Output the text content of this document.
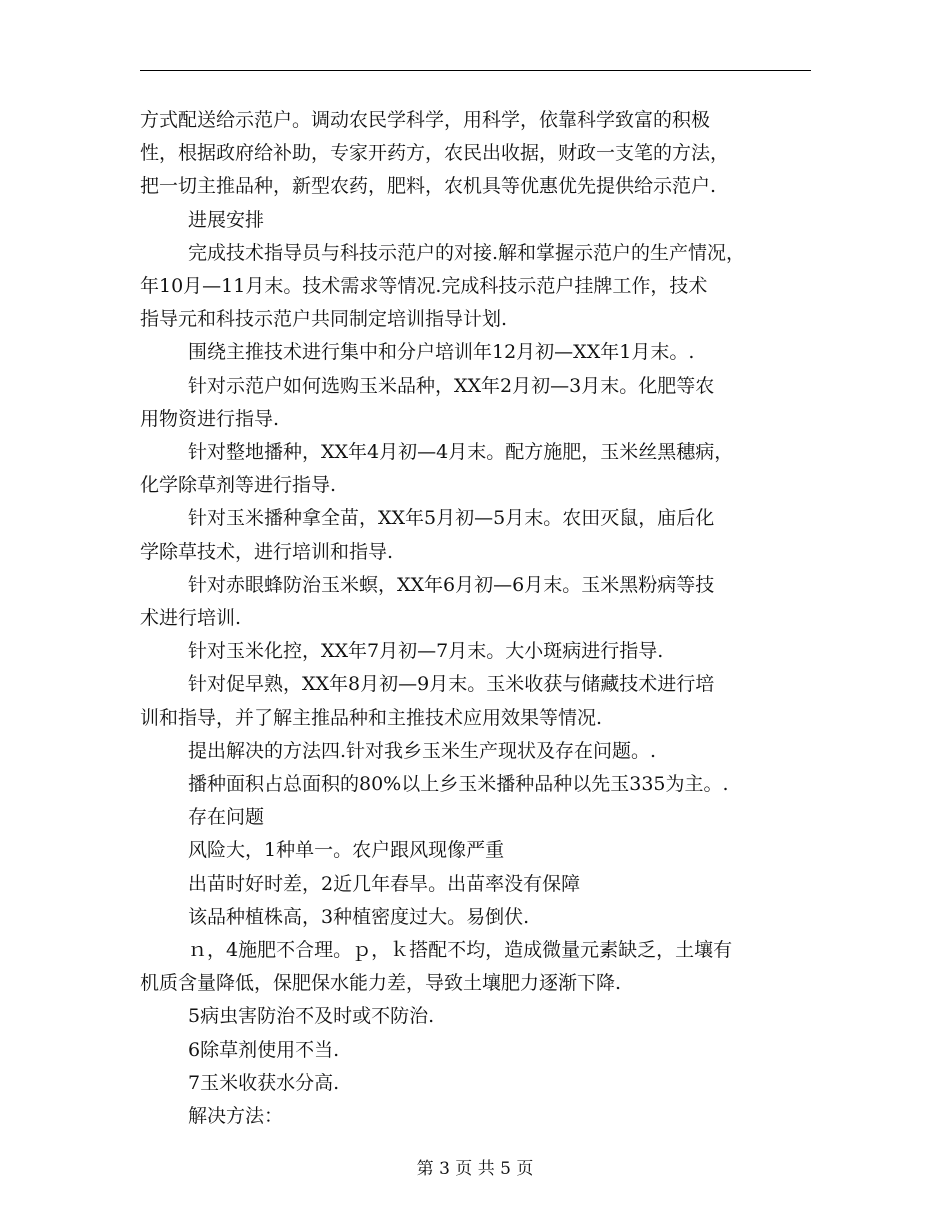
方式配送给示范户。调动农民学科学，用科学，依靠科学致富的积极

性，根据政府给补助，专家开药方，农民出收据，财政一支笔的方法，

把一切主推品种，新型农药，肥料，农机具等优惠优先提供给示范户.

进展安排

完成技术指导员与科技示范户的对接.解和掌握示范户的生产情况，

年10月—11月末。技术需求等情况.完成科技示范户挂牌工作，技术

指导元和科技示范户共同制定培训指导计划.

围绕主推技术进行集中和分户培训年12月初—XX年1月末。.

针对示范户如何选购玉米品种，XX年2月初—3月末。化肥等农

用物资进行指导.

针对整地播种，XX年4月初—4月末。配方施肥，玉米丝黑穗病，

化学除草剂等进行指导.

针对玉米播种拿全苗，XX年5月初—5月末。农田灭鼠，庙后化

学除草技术，进行培训和指导.

针对赤眼蜂防治玉米螟，XX年6月初—6月末。玉米黑粉病等技

术进行培训.

针对玉米化控，XX年7月初—7月末。大小斑病进行指导.

针对促早熟，XX年8月初—9月末。玉米收获与储藏技术进行培

训和指导，并了解主推品种和主推技术应用效果等情况.

提出解决的方法四.针对我乡玉米生产现状及存在问题。.

播种面积占总面积的80%以上乡玉米播种品种以先玉335为主。.

存在问题

风险大，1种单一。农户跟风现像严重

出苗时好时差，2近几年春旱。出苗率没有保障

该品种植株高，3种植密度过大。易倒伏.

ｎ，4施肥不合理。ｐ，ｋ搭配不均，造成微量元素缺乏，土壤有

机质含量降低，保肥保水能力差，导致土壤肥力逐渐下降.

5病虫害防治不及时或不防治.

6除草剂使用不当.

7玉米收获水分高.

解决方法：

第 3 页 共 5 页
